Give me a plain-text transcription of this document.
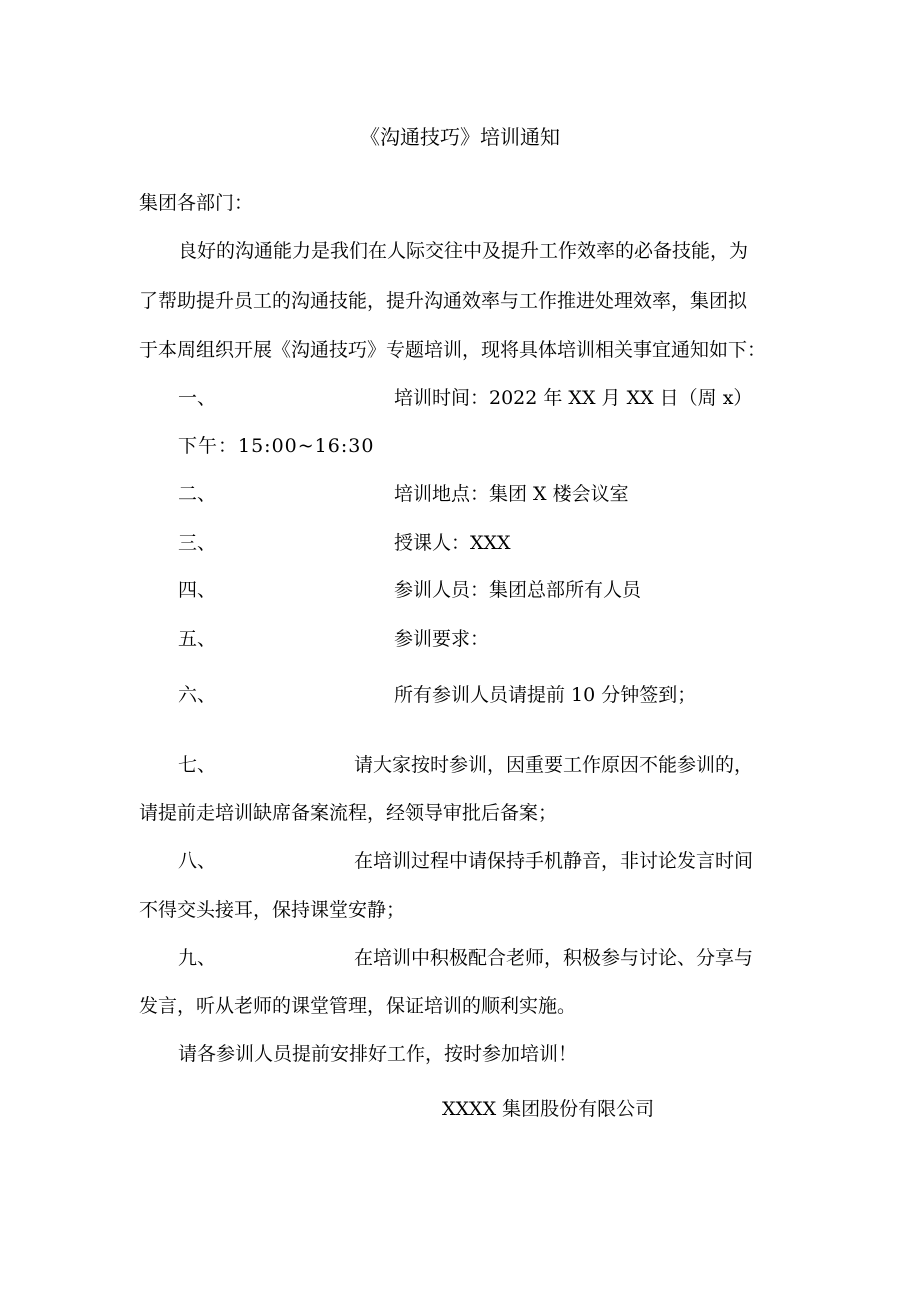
《沟通技巧》培训通知
集团各部门：
良好的沟通能力是我们在人际交往中及提升工作效率的必备技能，为
了帮助提升员工的沟通技能，提升沟通效率与工作推进处理效率，集团拟
于本周组织开展《沟通技巧》专题培训，现将具体培训相关事宜通知如下：
一、	培训时间：2022 年 XX 月 XX 日（周 x）
下午：15:00~16:30
二、	培训地点：集团 X 楼会议室
三、	授课人：XXX
四、	参训人员：集团总部所有人员
五、	参训要求：
六、	所有参训人员请提前 10 分钟签到；
七、	请大家按时参训，因重要工作原因不能参训的，
请提前走培训缺席备案流程，经领导审批后备案；
八、	在培训过程中请保持手机静音，非讨论发言时间
不得交头接耳，保持课堂安静；
九、	在培训中积极配合老师，积极参与讨论、分享与
发言，听从老师的课堂管理，保证培训的顺利实施。
请各参训人员提前安排好工作，按时参加培训！
XXXX 集团股份有限公司
